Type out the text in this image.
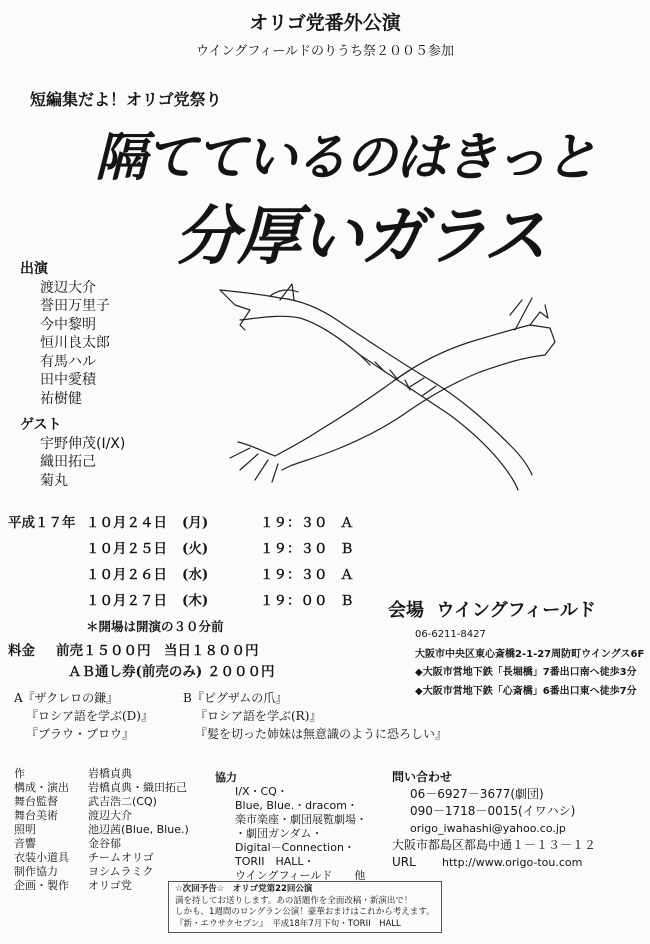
オリゴ党番外公演
ウイングフィールドのりうち祭２００５参加
短編集だよ！オリゴ党祭り
隔てているのはきっと
分厚いガラス
出演
渡辺大介
誉田万里子
今中黎明
恒川良太郎
有馬ハル
田中愛積
祐樹健
ゲスト
宇野伸茂(I/X)
織田拓己
菊丸
平成１７年 １０月２４日	(月)	１９：３０ Ａ
１０月２５日	(火)	１９：３０ Ｂ
１０月２６日	(水)	１９：３０ Ａ
１０月２７日	(木)	１９：００ Ｂ
＊開場は開演の３０分前
料金 前売１５００円　当日１８００円
ＡＢ通し券(前売のみ) ２０００円
会場 ウイングフィールド
06-6211-8427
大阪市中央区東心斎橋2-1-27周防町ウイングス6F
◆大阪市営地下鉄「長堀橋」7番出口南へ徒歩3分
◆大阪市営地下鉄「心斎橋」6番出口東へ徒歩7分
A『ザクレロの鎌』
『ロシア語を学ぶ(D)』
『ブラウ・ブロウ』
B『ピグザムの爪』
『ロシア語を学ぶ(R)』
『髪を切った姉妹は無意識のように恐ろしい』
作	岩橋貞典
構成・演出 岩橋貞典・織田拓己
舞台監督	武吉浩二(CQ)
舞台美術	渡辺大介
照明	池辺茜(Blue, Blue.)
音響	金谷郁
衣装小道具 チームオリゴ
制作協力	ヨシムラミク
企画・製作 オリゴ党
協力
I/X・CQ・
Blue, Blue.・dracom・
楽市楽座・劇団展覧劇場・
・劇団ガンダム・
Digital－Connection・
TORII　HALL・
ウイングフィールド　　他
問い合わせ
06－6927－3677(劇団)
090－1718－0015(イワハシ)
origo_iwahashi@yahoo.co.jp
大阪市都島区都島中通１－１３－１２
URL http://www.origo-tou.com
☆次回予告☆　オリゴ党第22回公演
満を持してお送りします。あの話題作を全面改稿・新演出で！
しかも、1週間のロングラン公演！豪華おまけはこれから考えます。
『新・エウサクセブン』　平成18年7月下旬・TORII　HALL
